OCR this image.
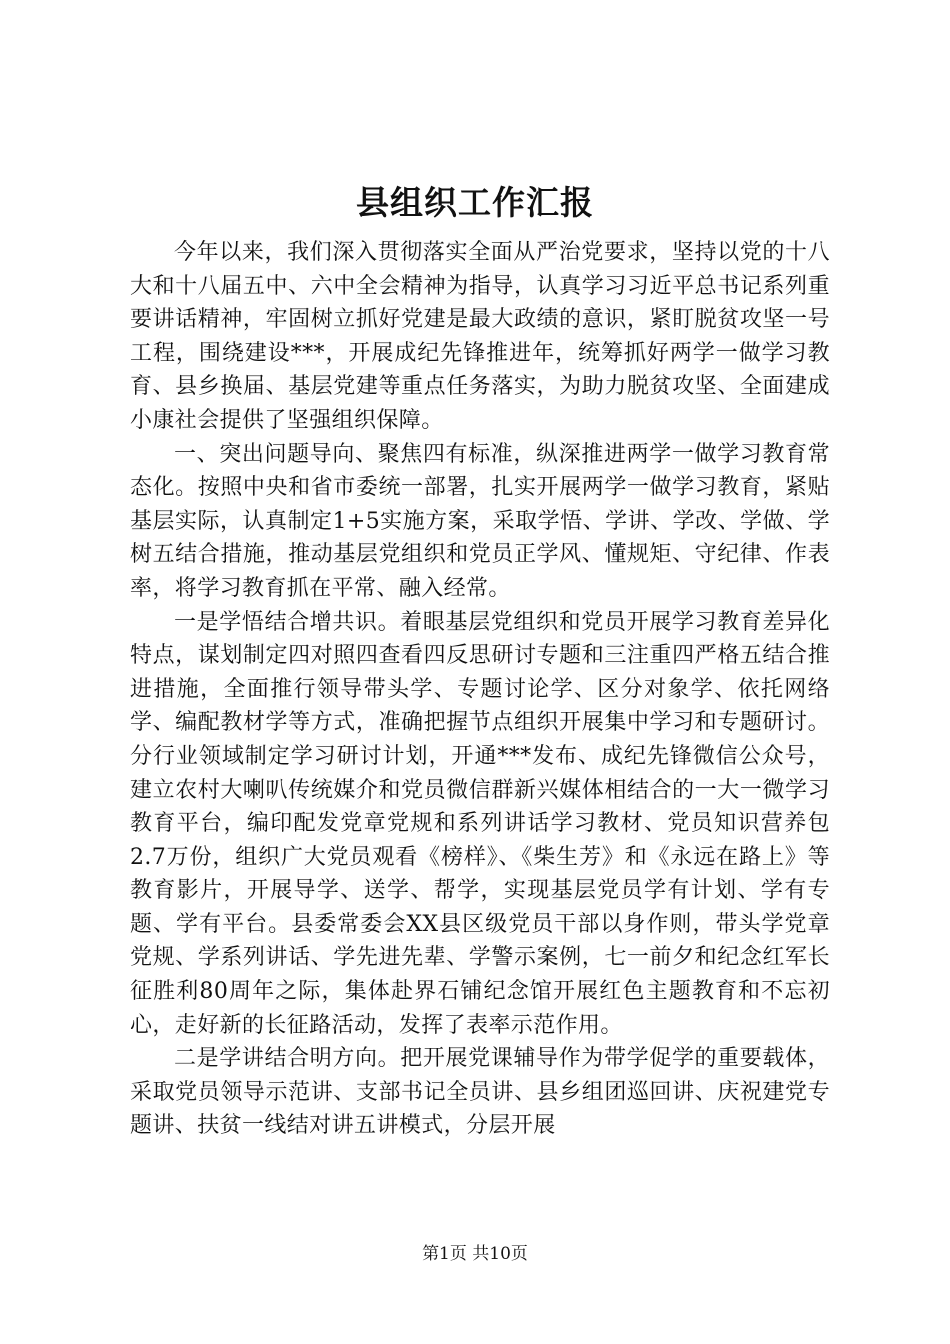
县组织工作汇报

今年以来，我们深入贯彻落实全面从严治党要求，坚持以党的十八大和十八届五中、六中全会精神为指导，认真学习习近平总书记系列重要讲话精神，牢固树立抓好党建是最大政绩的意识，紧盯脱贫攻坚一号工程，围绕建设***，开展成纪先锋推进年，统筹抓好两学一做学习教育、县乡换届、基层党建等重点任务落实，为助力脱贫攻坚、全面建成小康社会提供了坚强组织保障。

一、突出问题导向、聚焦四有标准，纵深推进两学一做学习教育常态化。按照中央和省市委统一部署，扎实开展两学一做学习教育，紧贴基层实际，认真制定1+5实施方案，采取学悟、学讲、学改、学做、学树五结合措施，推动基层党组织和党员正学风、懂规矩、守纪律、作表率，将学习教育抓在平常、融入经常。

一是学悟结合增共识。着眼基层党组织和党员开展学习教育差异化特点，谋划制定四对照四查看四反思研讨专题和三注重四严格五结合推进措施，全面推行领导带头学、专题讨论学、区分对象学、依托网络学、编配教材学等方式，准确把握节点组织开展集中学习和专题研讨。分行业领域制定学习研讨计划，开通***发布、成纪先锋微信公众号，建立农村大喇叭传统媒介和党员微信群新兴媒体相结合的一大一微学习教育平台，编印配发党章党规和系列讲话学习教材、党员知识营养包2.7万份，组织广大党员观看《榜样》、《柴生芳》和《永远在路上》等教育影片，开展导学、送学、帮学，实现基层党员学有计划、学有专题、学有平台。县委常委会XX县区级党员干部以身作则，带头学党章党规、学系列讲话、学先进先辈、学警示案例，七一前夕和纪念红军长征胜利80周年之际，集体赴界石铺纪念馆开展红色主题教育和不忘初心，走好新的长征路活动，发挥了表率示范作用。

二是学讲结合明方向。把开展党课辅导作为带学促学的重要载体，采取党员领导示范讲、支部书记全员讲、县乡组团巡回讲、庆祝建党专题讲、扶贫一线结对讲五讲模式，分层开展

第1页 共10页
